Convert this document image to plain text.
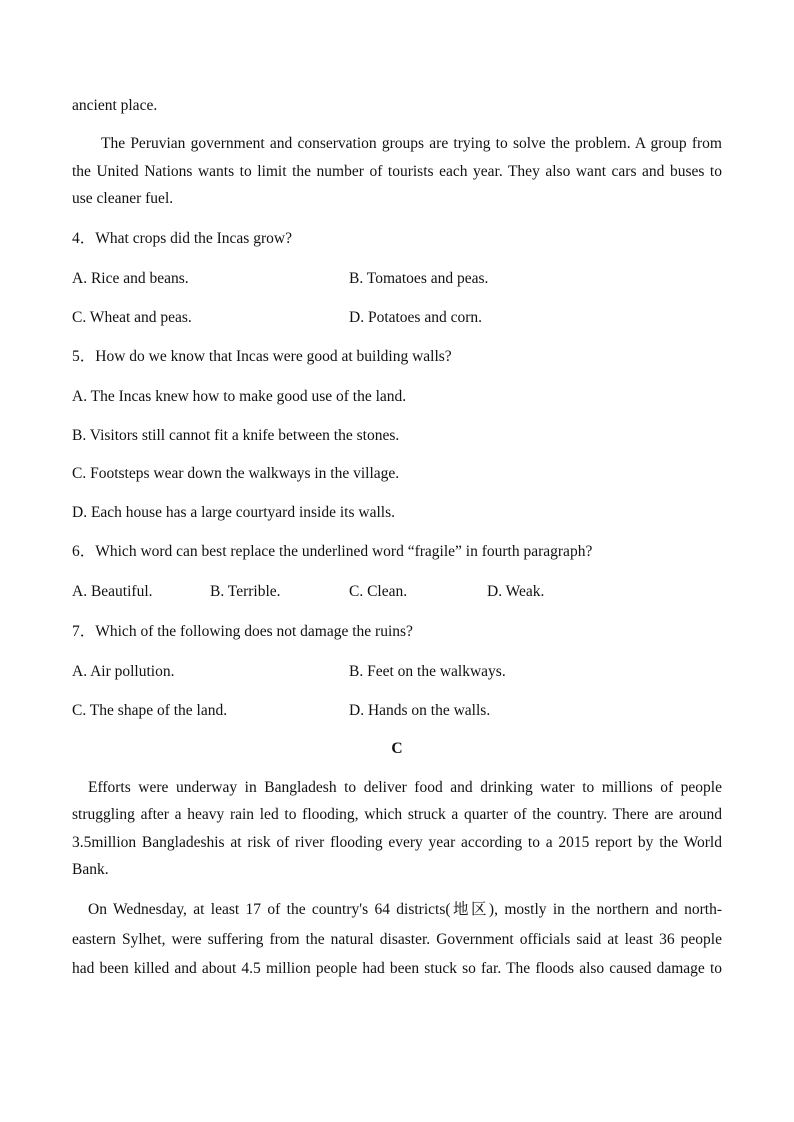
ancient place.
The Peruvian government and conservation groups are trying to solve the problem. A group from
the United Nations wants to limit the number of tourists each year. They also want cars and buses to
use cleaner fuel.
4．What crops did the Incas grow?
A. Rice and beans.	B. Tomatoes and peas.
C. Wheat and peas.	D. Potatoes and corn.
5．How do we know that Incas were good at building walls?
A. The Incas knew how to make good use of the land.
B. Visitors still cannot fit a knife between the stones.
C. Footsteps wear down the walkways in the village.
D. Each house has a large courtyard inside its walls.
6．Which word can best replace the underlined word “fragile” in fourth paragraph?
A. Beautiful.	B. Terrible.	C. Clean.	D. Weak.
7．Which of the following does not damage the ruins?
A. Air pollution.	B. Feet on the walkways.
C. The shape of the land.	D. Hands on the walls.
C
Efforts were underway in Bangladesh to deliver food and drinking water to millions of people
struggling after a heavy rain led to flooding, which struck a quarter of the country. There are around
3.5million Bangladeshis at risk of river flooding every year according to a 2015 report by the World
Bank.
On Wednesday, at least 17 of the country's 64 districts(地区), mostly in the northern and north-
eastern Sylhet, were suffering from the natural disaster. Government officials said at least 36 people
had been killed and about 4.5 million people had been stuck so far. The floods also caused damage to
